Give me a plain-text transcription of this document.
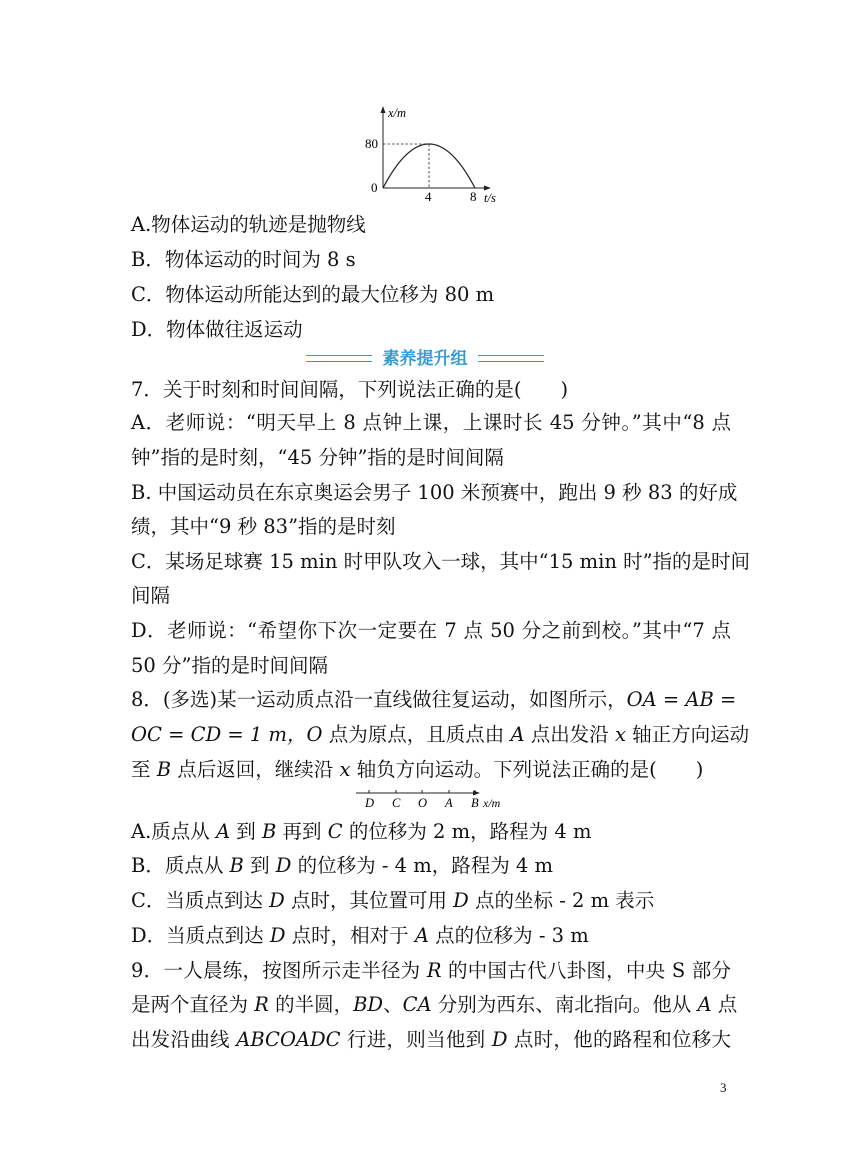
x/m
80
0
4	8 t/s
A.物体运动的轨迹是抛物线
B．物体运动的时间为 8 s
C．物体运动所能达到的最大位移为 80 m
D．物体做往返运动
素养提升组
7．关于时刻和时间间隔，下列说法正确的是(　　)
A．老师说：“明天早上 8 点钟上课，上课时长 45 分钟。”其中“8 点
钟”指的是时刻，“45 分钟”指的是时间间隔
B. 中国运动员在东京奥运会男子 100 米预赛中，跑出 9 秒 83 的好成
绩，其中“9 秒 83”指的是时刻
C．某场足球赛 15 min 时甲队攻入一球，其中“15 min 时”指的是时间
间隔
D．老师说：“希望你下次一定要在 7 点 50 分之前到校。”其中“7 点
50 分”指的是时间间隔
8．(多选)某一运动质点沿一直线做往复运动，如图所示，OA = AB =
OC = CD = 1 m，O 点为原点，且质点由 A 点出发沿 x 轴正方向运动
至 B 点后返回，继续沿 x 轴负方向运动。下列说法正确的是(　　)
D C O A B x/m
A.质点从 A 到 B 再到 C 的位移为 2 m，路程为 4 m
B．质点从 B 到 D 的位移为 - 4 m，路程为 4 m
C．当质点到达 D 点时，其位置可用 D 点的坐标 - 2 m 表示
D．当质点到达 D 点时，相对于 A 点的位移为 - 3 m
9．一人晨练，按图所示走半径为 R 的中国古代八卦图，中央 S 部分
是两个直径为 R 的半圆，BD、CA 分别为西东、南北指向。他从 A 点
出发沿曲线 ABCOADC 行进，则当他到 D 点时，他的路程和位移大
3
